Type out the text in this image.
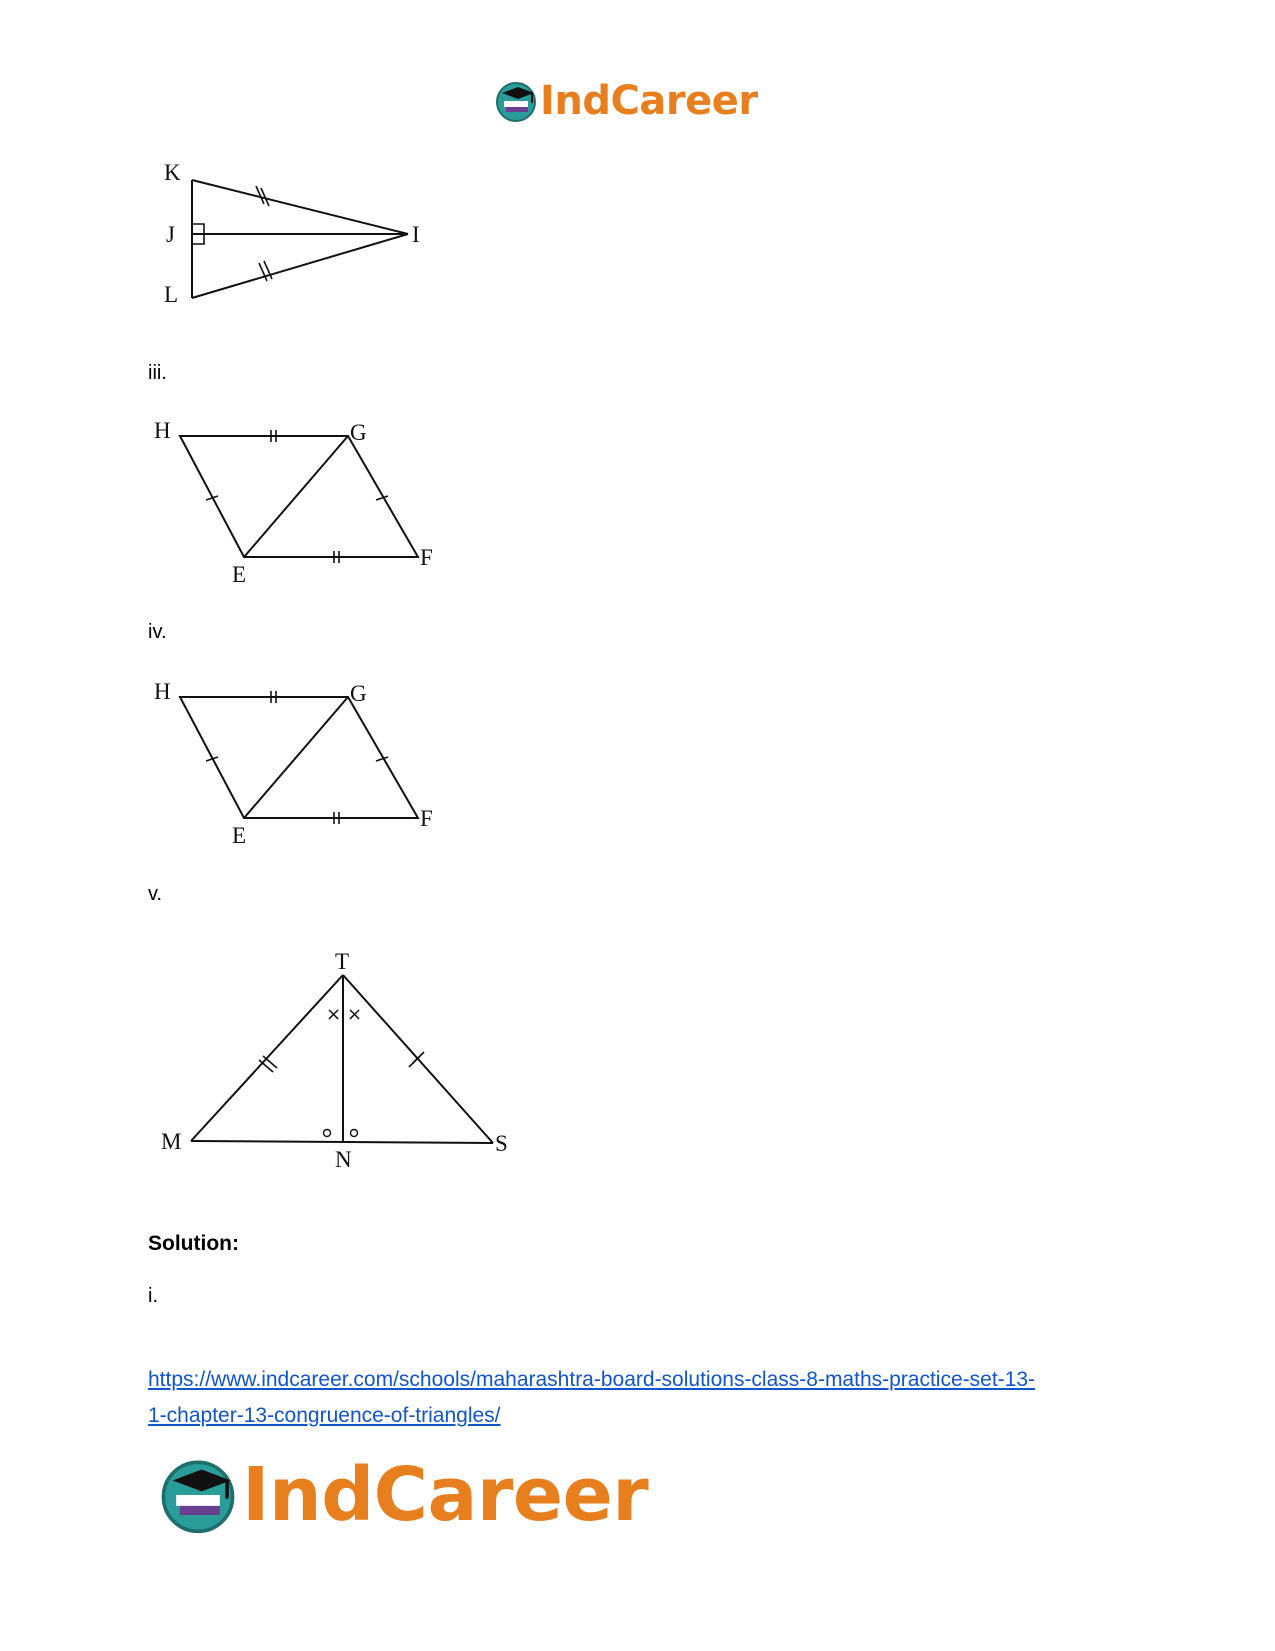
IndCareer
K
J	I
L
iii.
H	G
E
F
iv.
H	G
E
F
v.
× ×
T
M
N
S
Solution:
i.
https://www.indcareer.com/schools/maharashtra-board-solutions-class-8-maths-practice-set-13-
1-chapter-13-congruence-of-triangles/
IndCareer
